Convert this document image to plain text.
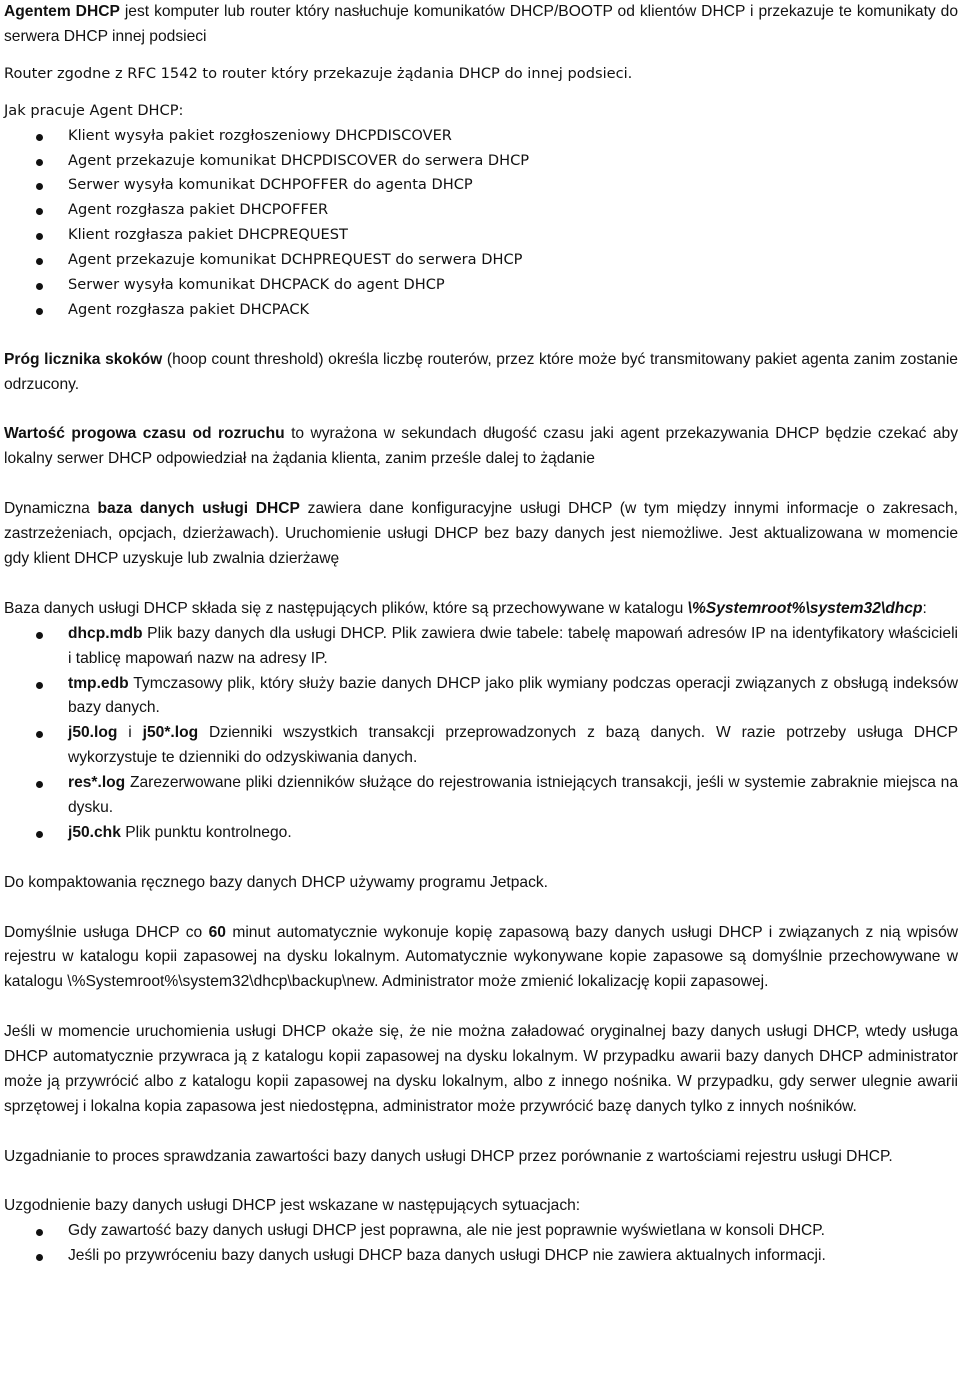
Agentem DHCP jest komputer lub router który nasłuchuje komunikatów DHCP/BOOTP od klientów DHCP i przekazuje te komunikaty do serwera DHCP innej podsieci

Router zgodne z RFC 1542 to router który przekazuje żądania DHCP do innej podsieci.

Jak pracuje Agent DHCP:

Klient wysyła pakiet rozgłoszeniowy DHCPDISCOVER
Agent przekazuje komunikat DHCPDISCOVER do serwera DHCP
Serwer wysyła komunikat DCHPOFFER do agenta DHCP
Agent rozgłasza pakiet DHCPOFFER
Klient rozgłasza pakiet DHCPREQUEST
Agent przekazuje komunikat DCHPREQUEST do serwera DHCP
Serwer wysyła komunikat DHCPACK do agent DHCP
Agent rozgłasza pakiet DHCPACK

Próg licznika skoków (hoop count threshold) określa liczbę routerów, przez które może być transmitowany pakiet agenta zanim zostanie odrzucony.

Wartość progowa czasu od rozruchu to wyrażona w sekundach długość czasu jaki agent przekazywania DHCP będzie czekać aby lokalny serwer DHCP odpowiedział na żądania klienta, zanim prześle dalej to żądanie

Dynamiczna baza danych usługi DHCP zawiera dane konfiguracyjne usługi DHCP (w tym między innymi informacje o zakresach, zastrzeżeniach, opcjach, dzierżawach). Uruchomienie usługi DHCP bez bazy danych jest niemożliwe. Jest aktualizowana w momencie gdy klient DHCP uzyskuje lub zwalnia dzierżawę

Baza danych usługi DHCP składa się z następujących plików, które są przechowywane w katalogu \%Systemroot%\system32\dhcp:

dhcp.mdb Plik bazy danych dla usługi DHCP. Plik zawiera dwie tabele: tabelę mapowań adresów IP na identyfikatory właścicieli i tablicę mapowań nazw na adresy IP.
tmp.edb Tymczasowy plik, który służy bazie danych DHCP jako plik wymiany podczas operacji związanych z obsługą indeksów bazy danych.
j50.log i j50*.log Dzienniki wszystkich transakcji przeprowadzonych z bazą danych. W razie potrzeby usługa DHCP wykorzystuje te dzienniki do odzyskiwania danych.
res*.log Zarezerwowane pliki dzienników służące do rejestrowania istniejących transakcji, jeśli w systemie zabraknie miejsca na dysku.
j50.chk Plik punktu kontrolnego.

Do kompaktowania ręcznego bazy danych DHCP używamy programu Jetpack.

Domyślnie usługa DHCP co 60 minut automatycznie wykonuje kopię zapasową bazy danych usługi DHCP i związanych z nią wpisów rejestru w katalogu kopii zapasowej na dysku lokalnym. Automatycznie wykonywane kopie zapasowe są domyślnie przechowywane w katalogu \%Systemroot%\system32\dhcp\backup\new. Administrator może zmienić lokalizację kopii zapasowej.

Jeśli w momencie uruchomienia usługi DHCP okaże się, że nie można załadować oryginalnej bazy danych usługi DHCP, wtedy usługa DHCP automatycznie przywraca ją z katalogu kopii zapasowej na dysku lokalnym. W przypadku awarii bazy danych DHCP administrator może ją przywrócić albo z katalogu kopii zapasowej na dysku lokalnym, albo z innego nośnika. W przypadku, gdy serwer ulegnie awarii sprzętowej i lokalna kopia zapasowa jest niedostępna, administrator może przywrócić bazę danych tylko z innych nośników.

Uzgadnianie to proces sprawdzania zawartości bazy danych usługi DHCP przez porównanie z wartościami rejestru usługi DHCP.

Uzgodnienie bazy danych usługi DHCP jest wskazane w następujących sytuacjach:

Gdy zawartość bazy danych usługi DHCP jest poprawna, ale nie jest poprawnie wyświetlana w konsoli DHCP.
Jeśli po przywróceniu bazy danych usługi DHCP baza danych usługi DHCP nie zawiera aktualnych informacji.
